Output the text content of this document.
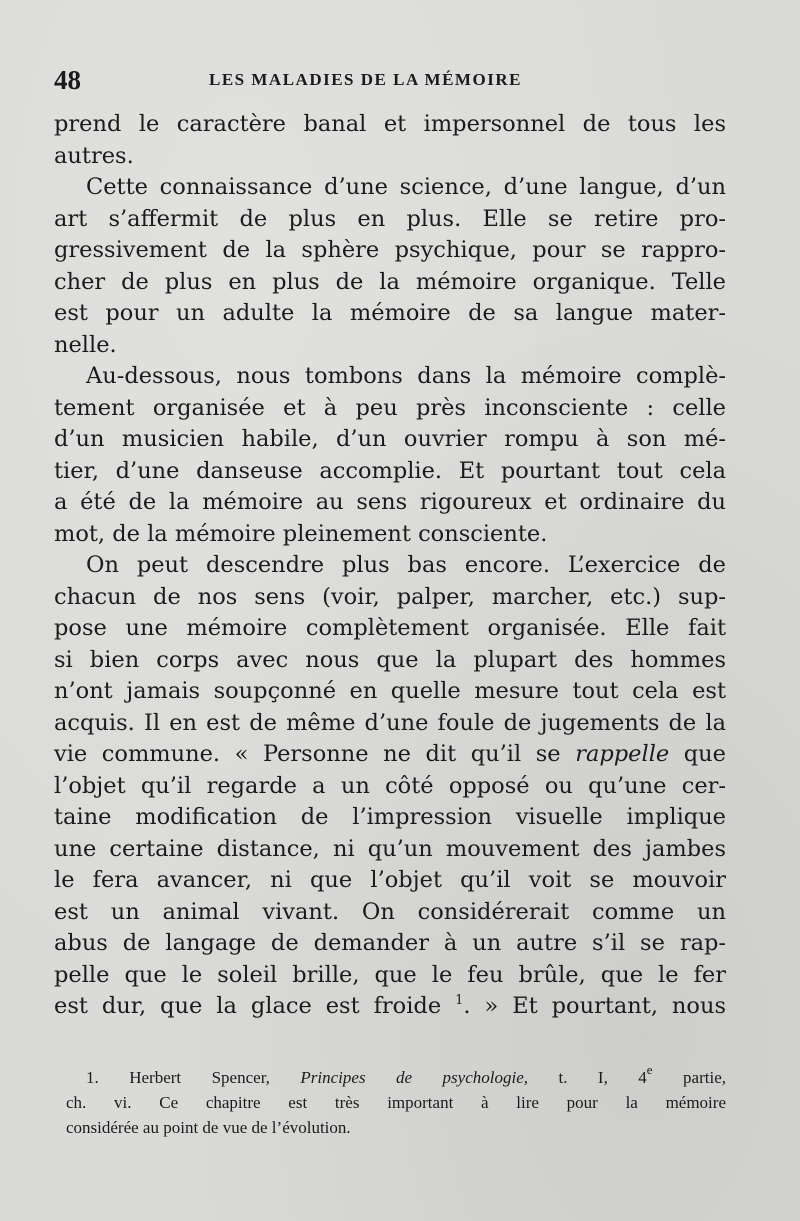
48	LES MALADIES DE LA MÉMOIRE
prend le caractère banal et impersonnel de tous les
autres.
Cette connaissance d’une science, d’une langue, d’un
art s’affermit de plus en plus. Elle se retire pro-
gressivement de la sphère psychique, pour se rappro-
cher de plus en plus de la mémoire organique. Telle
est pour un adulte la mémoire de sa langue mater-
nelle.
Au-dessous, nous tombons dans la mémoire complè-
tement organisée et à peu près inconsciente : celle
d’un musicien habile, d’un ouvrier rompu à son mé-
tier, d’une danseuse accomplie. Et pourtant tout cela
a été de la mémoire au sens rigoureux et ordinaire du
mot, de la mémoire pleinement consciente.
On peut descendre plus bas encore. L’exercice de
chacun de nos sens (voir, palper, marcher, etc.) sup-
pose une mémoire complètement organisée. Elle fait
si bien corps avec nous que la plupart des hommes
n’ont jamais soupçonné en quelle mesure tout cela est
acquis. Il en est de même d’une foule de jugements de la
vie commune. « Personne ne dit qu’il se rappelle que
l’objet qu’il regarde a un côté opposé ou qu’une cer-
taine modification de l’impression visuelle implique
une certaine distance, ni qu’un mouvement des jambes
le fera avancer, ni que l’objet qu’il voit se mouvoir
est un animal vivant. On considérerait comme un
abus de langage de demander à un autre s’il se rap-
pelle que le soleil brille, que le feu brûle, que le fer
est dur, que la glace est froide $^1$. » Et pourtant, nous
1. Herbert Spencer, Principes de psychologie, t. I, 4e partie,
ch. vi. Ce chapitre est très important à lire pour la mémoire
considérée au point de vue de l’évolution.
